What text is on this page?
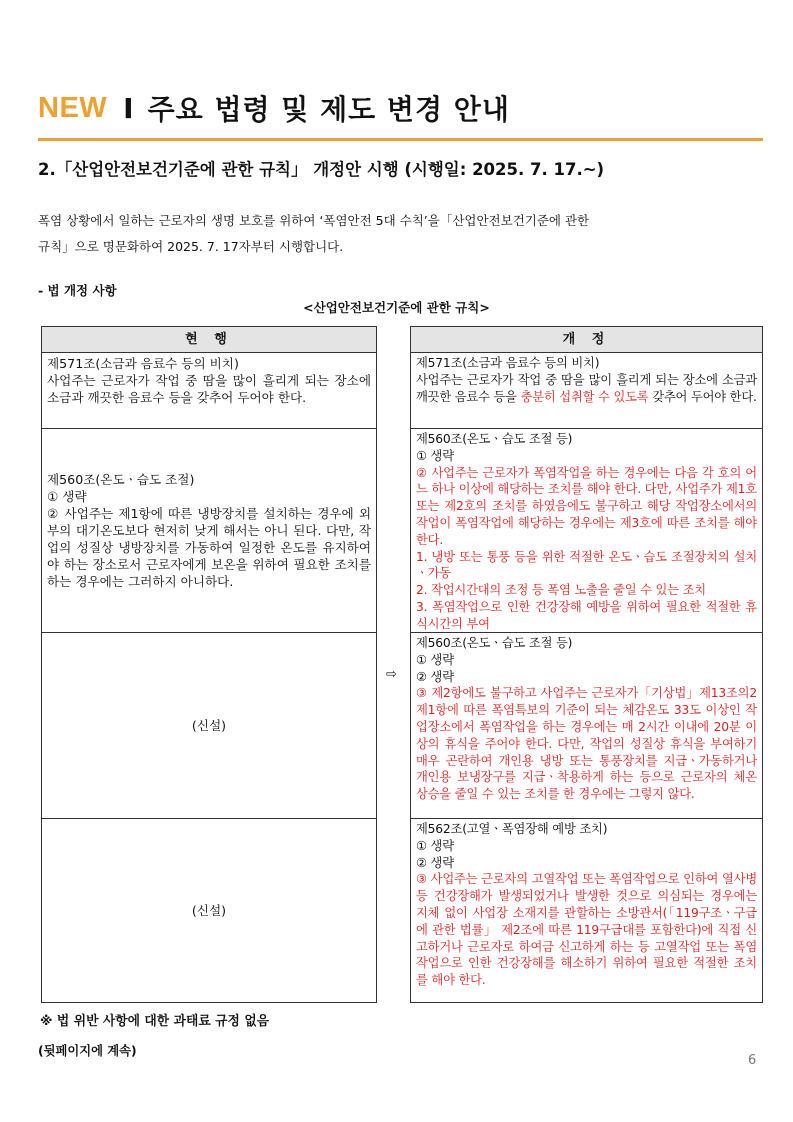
NEW I 주요 법령 및 제도 변경 안내
2.「산업안전보건기준에 관한 규칙」 개정안 시행 (시행일: 2025. 7. 17.~)
폭염 상황에서 일하는 근로자의 생명 보호를 위하여 ‘폭염안전 5대 수칙’을「산업안전보건기준에 관한
규칙」으로 명문화하여 2025. 7. 17자부터 시행합니다.
- 법 개정 사항
<산업안전보건기준에 관한 규칙>
현 행
제571조(소금과 음료수 등의 비치)
사업주는 근로자가 작업 중 땀을 많이 흘리게 되는 장소에 소금과 깨끗한 음료수 등을 갖추어 두어야 한다.
제560조(온도ㆍ습도 조절)
① 생략
② 사업주는 제1항에 따른 냉방장치를 설치하는 경우에 외부의 대기온도보다 현저히 낮게 해서는 아니 된다. 다만, 작업의 성질상 냉방장치를 가동하여 일정한 온도를 유지하여야 하는 장소로서 근로자에게 보온을 위하여 필요한 조치를 하는 경우에는 그러하지 아니하다.
(신설)
(신설)
⇨
개 정
제571조(소금과 음료수 등의 비치)
사업주는 근로자가 작업 중 땀을 많이 흘리게 되는 장소에 소금과 깨끗한 음료수 등을 충분히 섭취할 수 있도록 갖추어 두어야 한다.
제560조(온도ㆍ습도 조절 등)
① 생략
② 사업주는 근로자가 폭염작업을 하는 경우에는 다음 각 호의 어느 하나 이상에 해당하는 조치를 해야 한다. 다만, 사업주가 제1호 또는 제2호의 조치를 하였음에도 불구하고 해당 작업장소에서의 작업이 폭염작업에 해당하는 경우에는 제3호에 따른 조치를 해야 한다.
1. 냉방 또는 통풍 등을 위한 적절한 온도ㆍ습도 조절장치의 설치ㆍ가동
2. 작업시간대의 조정 등 폭염 노출을 줄일 수 있는 조치
3. 폭염작업으로 인한 건강장해 예방을 위하여 필요한 적절한 휴식시간의 부여
제560조(온도ㆍ습도 조절 등)
① 생략
② 생략
③ 제2항에도 불구하고 사업주는 근로자가「기상법」제13조의2제1항에 따른 폭염특보의 기준이 되는 체감온도 33도 이상인 작업장소에서 폭염작업을 하는 경우에는 매 2시간 이내에 20분 이상의 휴식을 주어야 한다. 다만, 작업의 성질상 휴식을 부여하기 매우 곤란하여 개인용 냉방 또는 통풍장치를 지급ㆍ가동하거나 개인용 보냉장구를 지급ㆍ착용하게 하는 등으로 근로자의 체온 상승을 줄일 수 있는 조치를 한 경우에는 그렇지 않다.
제562조(고열ㆍ폭염장해 예방 조치)
① 생략
② 생략
③ 사업주는 근로자의 고열작업 또는 폭염작업으로 인하여 열사병 등 건강장해가 발생되었거나 발생한 것으로 의심되는 경우에는 지체 없이 사업장 소재지를 관할하는 소방관서(「119구조ㆍ구급에 관한 법률」 제2조에 따른 119구급대를 포함한다)에 직접 신고하거나 근로자로 하여금 신고하게 하는 등 고열작업 또는 폭염작업으로 인한 건강장해를 해소하기 위하여 필요한 적절한 조치를 해야 한다.
※ 법 위반 사항에 대한 과태료 규정 없음
(뒷페이지에 계속)
6
